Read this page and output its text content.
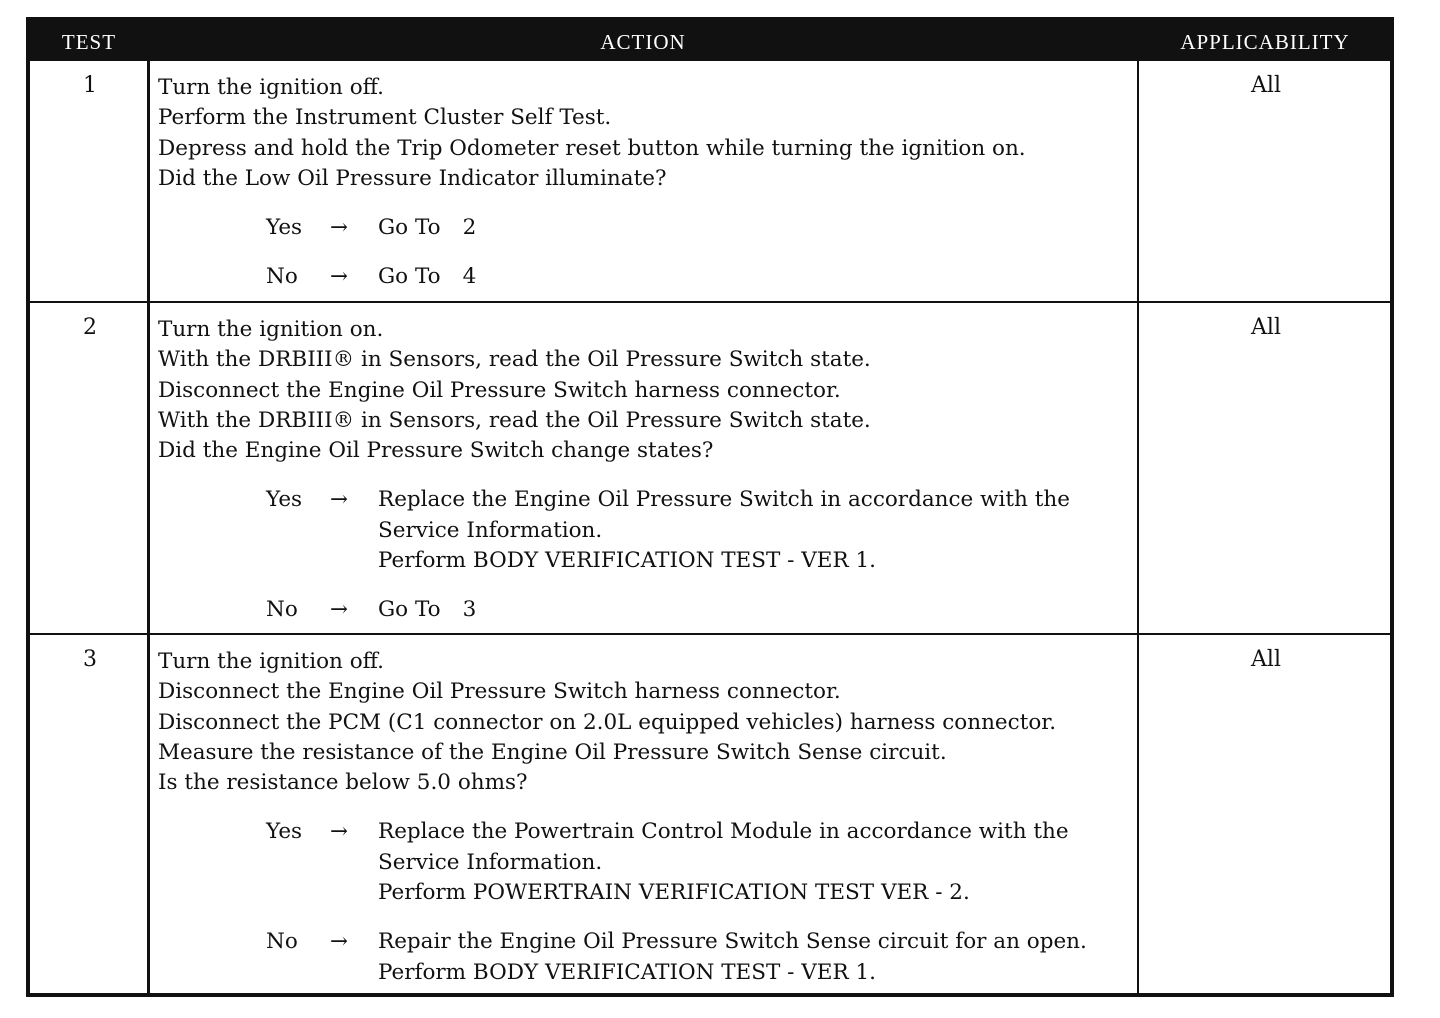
TEST	ACTION	APPLICABILITY
1	Turn the ignition off.
Perform the Instrument Cluster Self Test.
Depress and hold the Trip Odometer reset button while turning the ignition on.
Did the Low Oil Pressure Indicator illuminate?
Yes → Go To 2
No → Go To 4
All
2	Turn the ignition on.
With the DRBIII® in Sensors, read the Oil Pressure Switch state.
Disconnect the Engine Oil Pressure Switch harness connector.
With the DRBIII® in Sensors, read the Oil Pressure Switch state.
Did the Engine Oil Pressure Switch change states?
Yes → Replace the Engine Oil Pressure Switch in accordance with the
Service Information.
Perform BODY VERIFICATION TEST - VER 1.
No → Go To 3
All
3	Turn the ignition off.
Disconnect the Engine Oil Pressure Switch harness connector.
Disconnect the PCM (C1 connector on 2.0L equipped vehicles) harness connector.
Measure the resistance of the Engine Oil Pressure Switch Sense circuit.
Is the resistance below 5.0 ohms?
Yes → Replace the Powertrain Control Module in accordance with the
Service Information.
Perform POWERTRAIN VERIFICATION TEST VER - 2.
No → Repair the Engine Oil Pressure Switch Sense circuit for an open.
Perform BODY VERIFICATION TEST - VER 1.
All
